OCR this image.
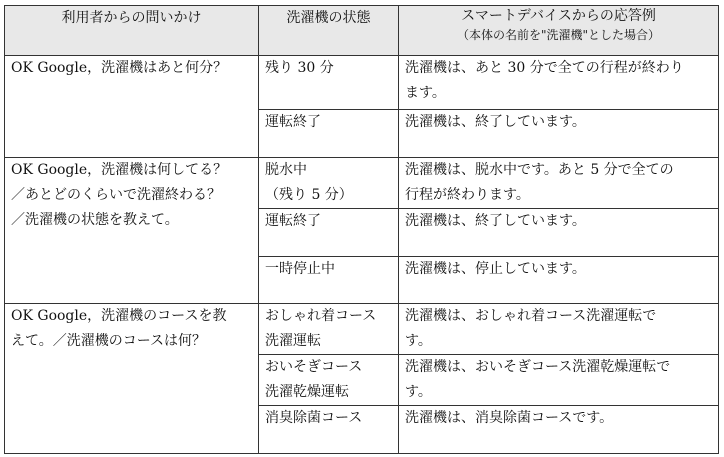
利用者からの問いかけ	洗濯機の状態	スマートデバイスからの応答例
（本体の名前を"洗濯機"とした場合）

OK Google，洗濯機はあと何分？	残り 30 分	洗濯機は、あと 30 分で全ての行程が終わり
ます。

	運転終了	洗濯機は、終了しています。

OK Google，洗濯機は何してる？
／あとどのくらいで洗濯終わる？
／洗濯機の状態を教えて。	脱水中
（残り 5 分）	洗濯機は、脱水中です。あと 5 分で全ての
行程が終わります。

	運転終了	洗濯機は、終了しています。

	一時停止中	洗濯機は、停止しています。

OK Google，洗濯機のコースを教
えて。／洗濯機のコースは何？	おしゃれ着コース
洗濯運転	洗濯機は、おしゃれ着コース洗濯運転で
す。

	おいそぎコース
洗濯乾燥運転	洗濯機は、おいそぎコース洗濯乾燥運転で
す。

	消臭除菌コース	洗濯機は、消臭除菌コースです。
